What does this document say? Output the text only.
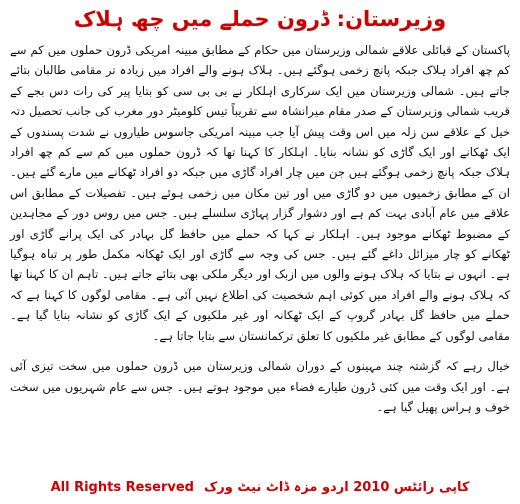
وزیرستان: ڈرون حملے میں چھ ہلاک

پاکستان کے قبائلی علاقے شمالی وزیرستان میں حکام کے مطابق مبینہ امریکی ڈرون حملوں میں کم سے کم چھ افراد ہلاک جبکہ پانچ زخمی ہوگئے ہیں۔ ہلاک ہونے والے افراد میں زیادہ تر مقامی طالبان بتائے جاتے ہیں۔ شمالی وزیرستان میں ایک سرکاری اہلکار نے بی بی سی کو بتایا پیر کی رات دس بجے کے قریب شمالی وزیرستان کے صدر مقام میرانشاہ سے تقریباً تیس کلومیٹر دور مغرب کی جانب تحصیل دتہ خیل کے علاقے سن زلہ میں اس وقت پیش آیا جب مبینہ امریکی جاسوس طیاروں نے شدت پسندوں کے ایک ٹھکانے اور ایک گاڑی کو نشانہ بنایا۔ اہلکار کا کہنا تھا کہ ڈرون حملوں میں کم سے کم چھ افراد ہلاک جبکہ پانچ زخمی ہوگئے ہیں جن میں چار افراد گاڑی میں جبکہ دو افراد ٹھکانے میں مارے گئے ہیں۔ ان کے مطابق زخمیوں میں دو گاڑی میں اور تین مکان میں زخمی ہوئے ہیں۔ تفصیلات کے مطابق اس علاقے میں عام آبادی بہت کم ہے اور دشوار گزار پہاڑی سلسلے ہیں۔ جس میں روس دور کے مجاہدین کے مضبوط ٹھکانے موجود ہیں۔ اہلکار نے کہا کہ حملے میں حافظ گل بہادر کی ایک پرانے گاڑی اور ٹھکانے کو چار میزائل داغے گئے ہیں۔ جس کی وجہ سے گاڑی اور ایک ٹھکانہ مکمل طور پر تباہ ہوگیا ہے۔ انہوں نے بتایا کہ ہلاک ہونے والوں میں ازبک اور دیگر ملکی بھی بتائے جاتے ہیں۔ تاہم ان کا کہنا تھا کہ ہلاک ہونے والے افراد میں کوئی اہم شخصیت کی اطلاع نہیں آئی ہے۔ مقامی لوگوں کا کہنا ہے کہ حملے میں حافظ گل بہادر گروپ کے ایک ٹھکانہ اور غیر ملکیوں کے ایک گاڑی کو نشانہ بنایا گیا ہے۔ مقامی لوگوں کے مطابق غیر ملکیوں کا تعلق ترکمانستان سے بتایا جاتا ہے۔

خیال رہے کہ گزشتہ چند مہینوں کے دوران شمالی وزیرستان میں ڈرون حملوں میں سخت تیزی آئی ہے۔ اور ایک وقت میں کئی ڈرون طیارے فضاء میں موجود ہوتے ہیں۔ جس سے عام شہریوں میں سخت خوف و ہراس پھیل گیا ہے۔

All Rights Reserved کاپی رائٹس 2010 اردو مزہ ڈاٹ نیٹ ورک
